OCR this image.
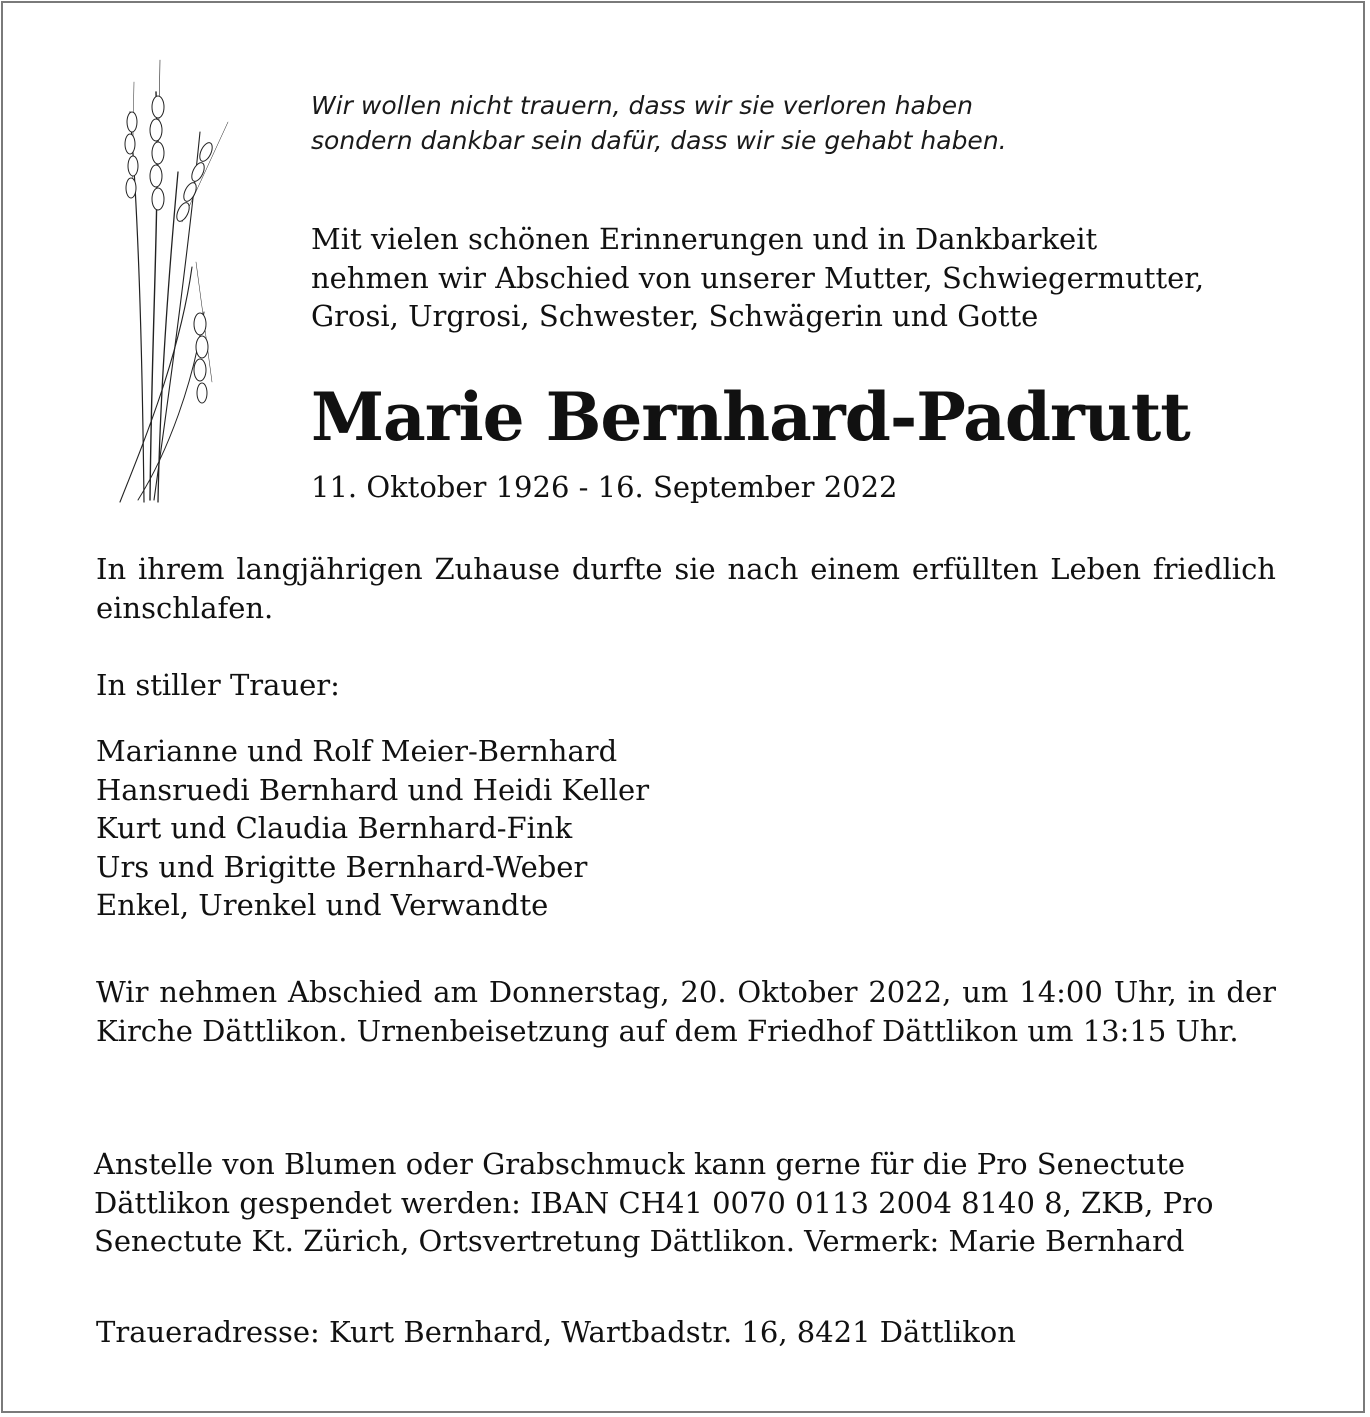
Wir wollen nicht trauern, dass wir sie verloren haben
sondern dankbar sein dafür, dass wir sie gehabt haben.
Mit vielen schönen Erinnerungen und in Dankbarkeit
nehmen wir Abschied von unserer Mutter, Schwiegermutter,
Grosi, Urgrosi, Schwester, Schwägerin und Gotte
Marie Bernhard-Padrutt
11. Oktober 1926 - 16. September 2022
In ihrem langjährigen Zuhause durfte sie nach einem erfüllten Leben friedlich einschlafen.
In stiller Trauer:
Marianne und Rolf Meier-Bernhard
Hansruedi Bernhard und Heidi Keller
Kurt und Claudia Bernhard-Fink
Urs und Brigitte Bernhard-Weber
Enkel, Urenkel und Verwandte
Wir nehmen Abschied am Donnerstag, 20. Oktober 2022, um 14:00 Uhr, in der Kirche Dättlikon. Urnenbeisetzung auf dem Friedhof Dättlikon um 13:15 Uhr.
Anstelle von Blumen oder Grabschmuck kann gerne für die Pro Senectute
Dättlikon gespendet werden: IBAN CH41 0070 0113 2004 8140 8, ZKB, Pro
Senectute Kt. Zürich, Ortsvertretung Dättlikon. Vermerk: Marie Bernhard
Traueradresse: Kurt Bernhard, Wartbadstr. 16, 8421 Dättlikon
